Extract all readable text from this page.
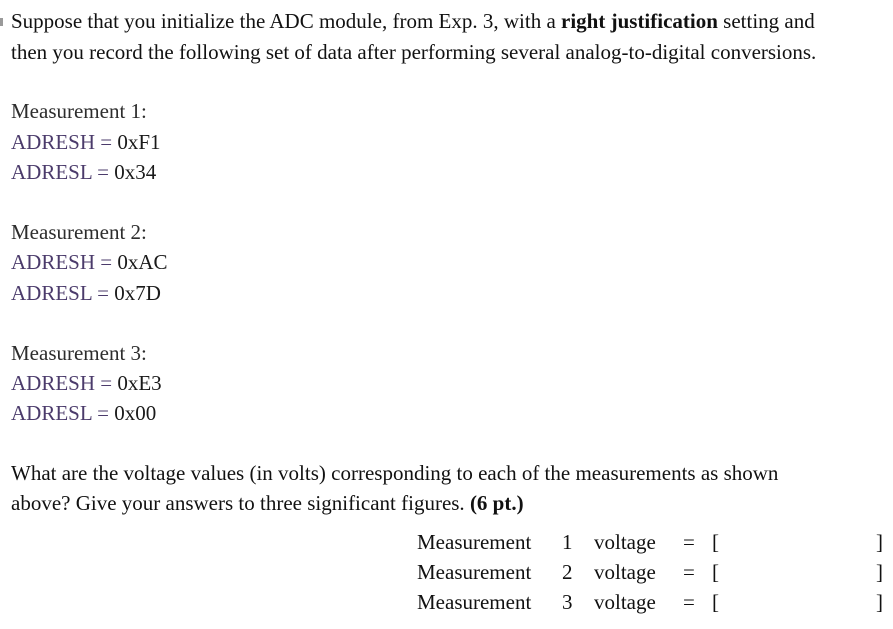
Suppose that you initialize the ADC module, from Exp. 3, with a right justification setting and
then you record the following set of data after performing several analog-to-digital conversions.
Measurement 1:
ADRESH = 0xF1
ADRESL = 0x34
Measurement 2:
ADRESH = 0xAC
ADRESL = 0x7D
Measurement 3:
ADRESH = 0xE3
ADRESL = 0x00
What are the voltage values (in volts) corresponding to each of the measurements as shown
above? Give your answers to three significant figures. (6 pt.)
Measurement 1 voltage = [	]
Measurement 2 voltage = [	]
Measurement 3 voltage = [	]
